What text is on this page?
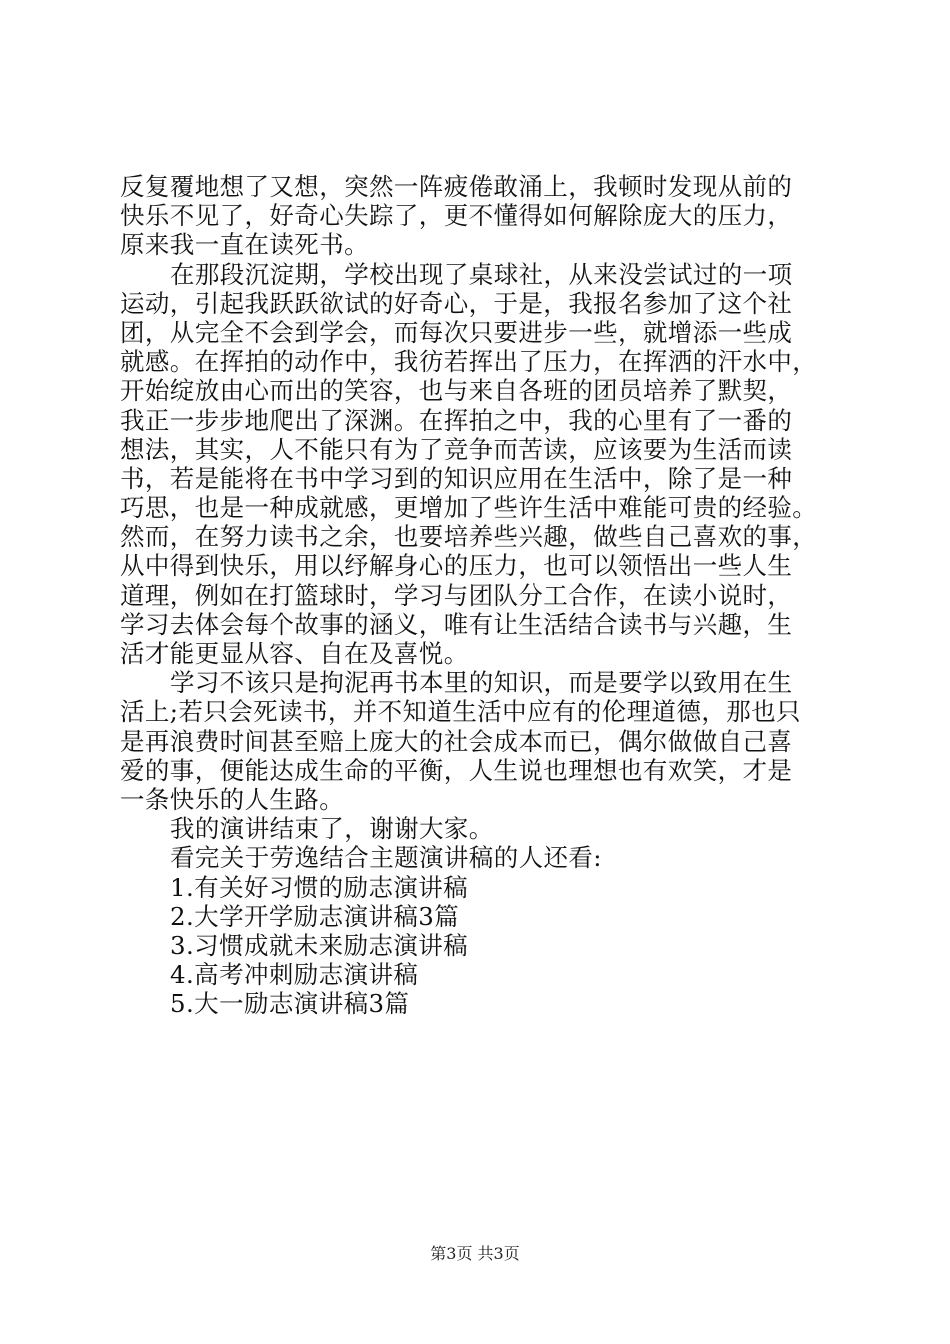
反复覆地想了又想，突然一阵疲倦敢涌上，我顿时发现从前的
快乐不见了，好奇心失踪了，更不懂得如何解除庞大的压力，
原来我一直在读死书。
在那段沉淀期，学校出现了桌球社，从来没尝试过的一项
运动，引起我跃跃欲试的好奇心，于是，我报名参加了这个社
团，从完全不会到学会，而每次只要进步一些，就增添一些成
就感。在挥拍的动作中，我彷若挥出了压力，在挥洒的汗水中，
开始绽放由心而出的笑容，也与来自各班的团员培养了默契，
我正一步步地爬出了深渊。在挥拍之中，我的心里有了一番的
想法，其实，人不能只有为了竞争而苦读，应该要为生活而读
书，若是能将在书中学习到的知识应用在生活中，除了是一种
巧思，也是一种成就感，更增加了些许生活中难能可贵的经验。
然而，在努力读书之余，也要培养些兴趣，做些自己喜欢的事，
从中得到快乐，用以纾解身心的压力，也可以领悟出一些人生
道理，例如在打篮球时，学习与团队分工合作，在读小说时，
学习去体会每个故事的涵义，唯有让生活结合读书与兴趣，生
活才能更显从容、自在及喜悦。
学习不该只是拘泥再书本里的知识，而是要学以致用在生
活上;若只会死读书，并不知道生活中应有的伦理道德，那也只
是再浪费时间甚至赔上庞大的社会成本而已，偶尔做做自己喜
爱的事，便能达成生命的平衡，人生说也理想也有欢笑，才是
一条快乐的人生路。
我的演讲结束了，谢谢大家。
看完关于劳逸结合主题演讲稿的人还看:
1.有关好习惯的励志演讲稿
2.大学开学励志演讲稿3篇
3.习惯成就未来励志演讲稿
4.高考冲刺励志演讲稿
5.大一励志演讲稿3篇
第3页 共3页
